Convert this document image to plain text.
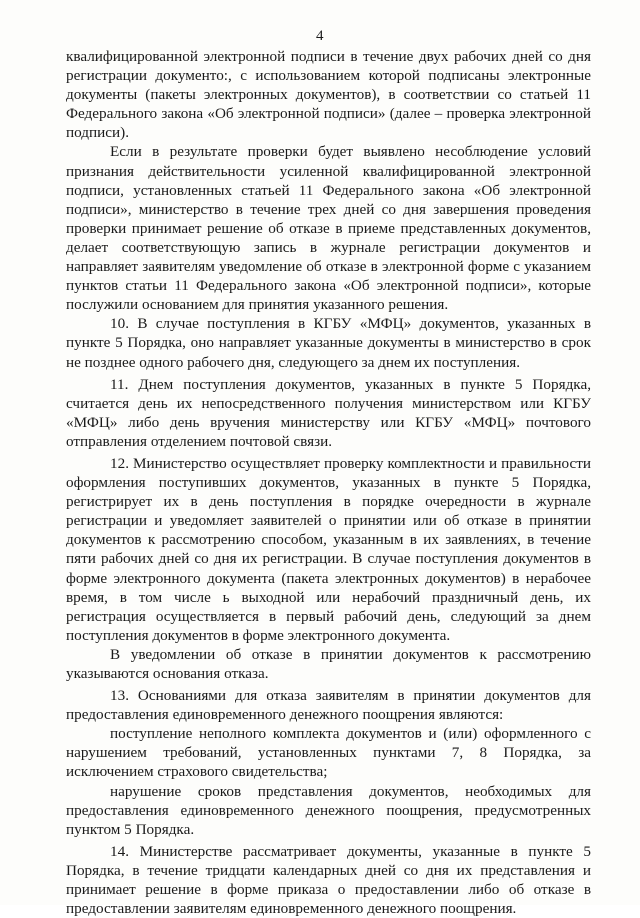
4

квалифицированной электронной подписи в течение двух рабочих дней со дня регистрации документо:, с использованием которой подписаны электронные документы (пакеты электронных документов), в соответствии со статьей 11 Федерального закона «Об электронной подписи» (далее – проверка электронной подписи).

Если в результате проверки будет выявлено несоблюдение условий признания действительности усиленной квалифицированной электронной подписи, установленных статьей 11 Федерального закона «Об электронной подписи», министерство в течение трех дней со дня завершения проведения проверки принимает решение об отказе в приеме представленных документов, делает соответствующую запись в журнале регистрации документов и направляет заявителям уведомление об отказе в электронной форме с указанием пунктов статьи 11 Федерального закона «Об электронной подписи», которые послужили основанием для принятия указанного решения.

10. В случае поступления в КГБУ «МФЦ» документов, указанных в пункте 5 Порядка, оно направляет указанные документы в министерство в срок не позднее одного рабочего дня, следующего за днем их поступления.

11. Днем поступления документов, указанных в пункте 5 Порядка, считается день их непосредственного получения министерством или КГБУ «МФЦ» либо день вручения министерству или КГБУ «МФЦ» почтового отправления отделением почтовой связи.

12. Министерство осуществляет проверку комплектности и правильности оформления поступивших документов, указанных в пункте 5 Порядка, регистрирует их в день поступления в порядке очередности в журнале регистрации и уведомляет заявителей о принятии или об отказе в принятии документов к рассмотрению способом, указанным в их заявлениях, в течение пяти рабочих дней со дня их регистрации. В случае поступления документов в форме электронного документа (пакета электронных документов) в нерабочее время, в том числе ь выходной или нерабочий праздничный день, их регистрация осуществляется в первый рабочий день, следующий за днем поступления документов в форме электронного документа.

В уведомлении об отказе в принятии документов к рассмотрению указываются основания отказа.

13. Основаниями для отказа заявителям в принятии документов для предоставления единовременного денежного поощрения являются:

поступление неполного комплекта документов и (или) оформленного с нарушением требований, установленных пунктами 7, 8 Порядка, за исключением страхового свидетельства;

нарушение сроков представления документов, необходимых для предоставления единовременного денежного поощрения, предусмотренных пунктом 5 Порядка.

14. Министерстве рассматривает документы, указанные в пункте 5 Порядка, в течение тридцати календарных дней со дня их представления и принимает решение в форме приказа о предоставлении либо об отказе в предоставлении заявителям единовременного денежного поощрения.
